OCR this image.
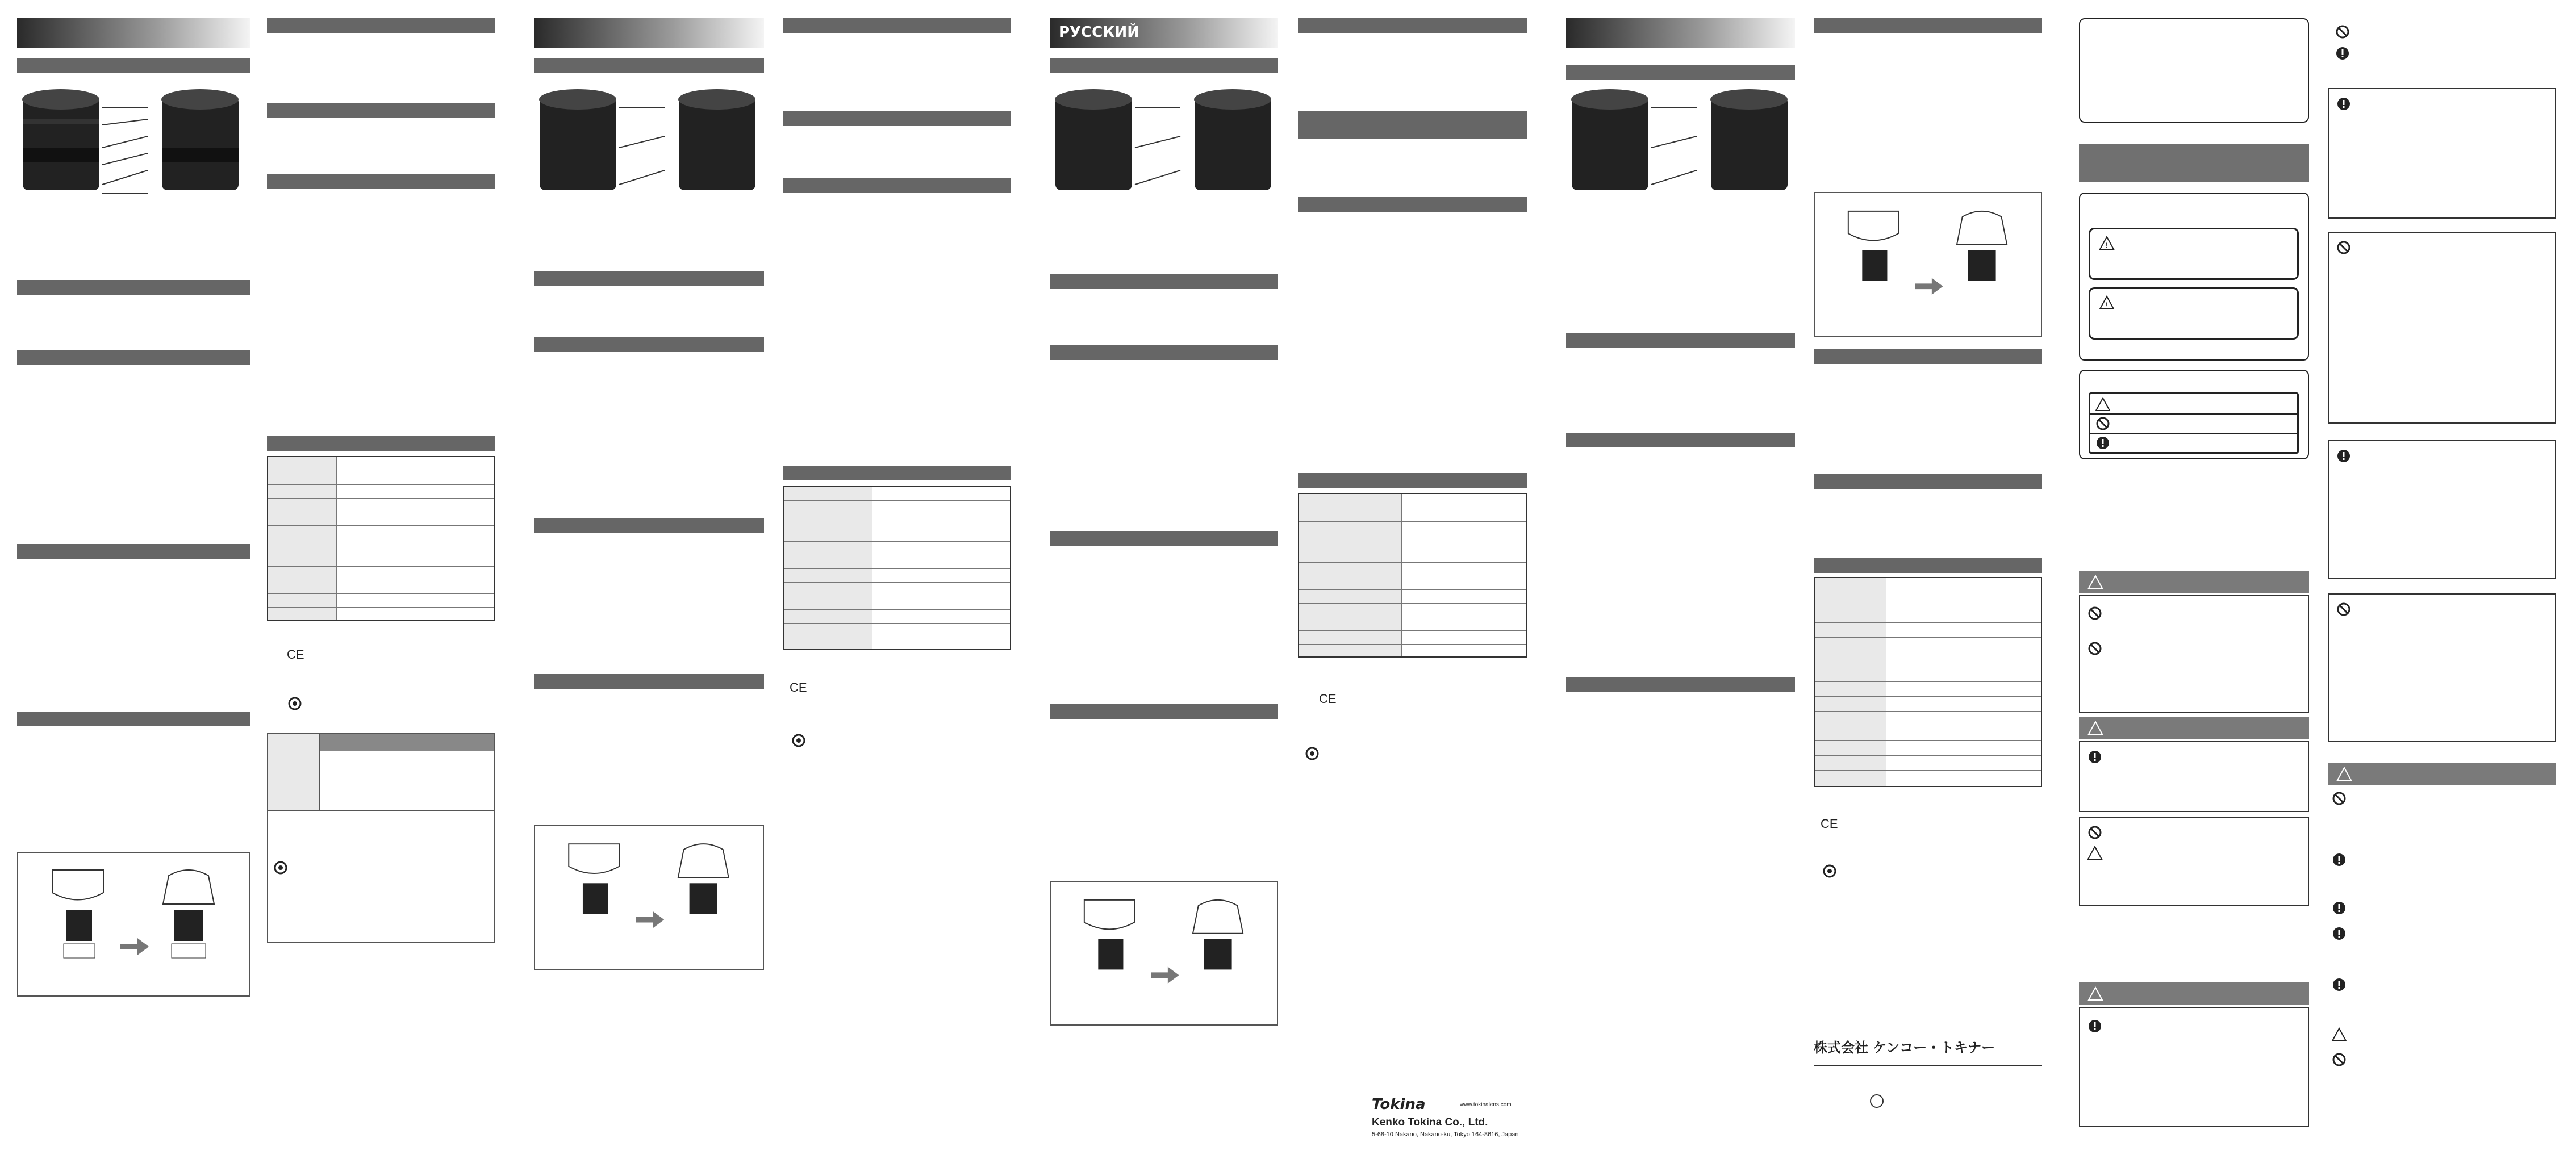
CE
CE
РУССКИЙ
CE
Tokina	www.tokinalens.com
Kenko Tokina Co., Ltd.
5-68-10 Nakano, Nakano-ku, Tokyo 164-8616, Japan
CE
株式会社 ケンコー・トキナー
!
!
